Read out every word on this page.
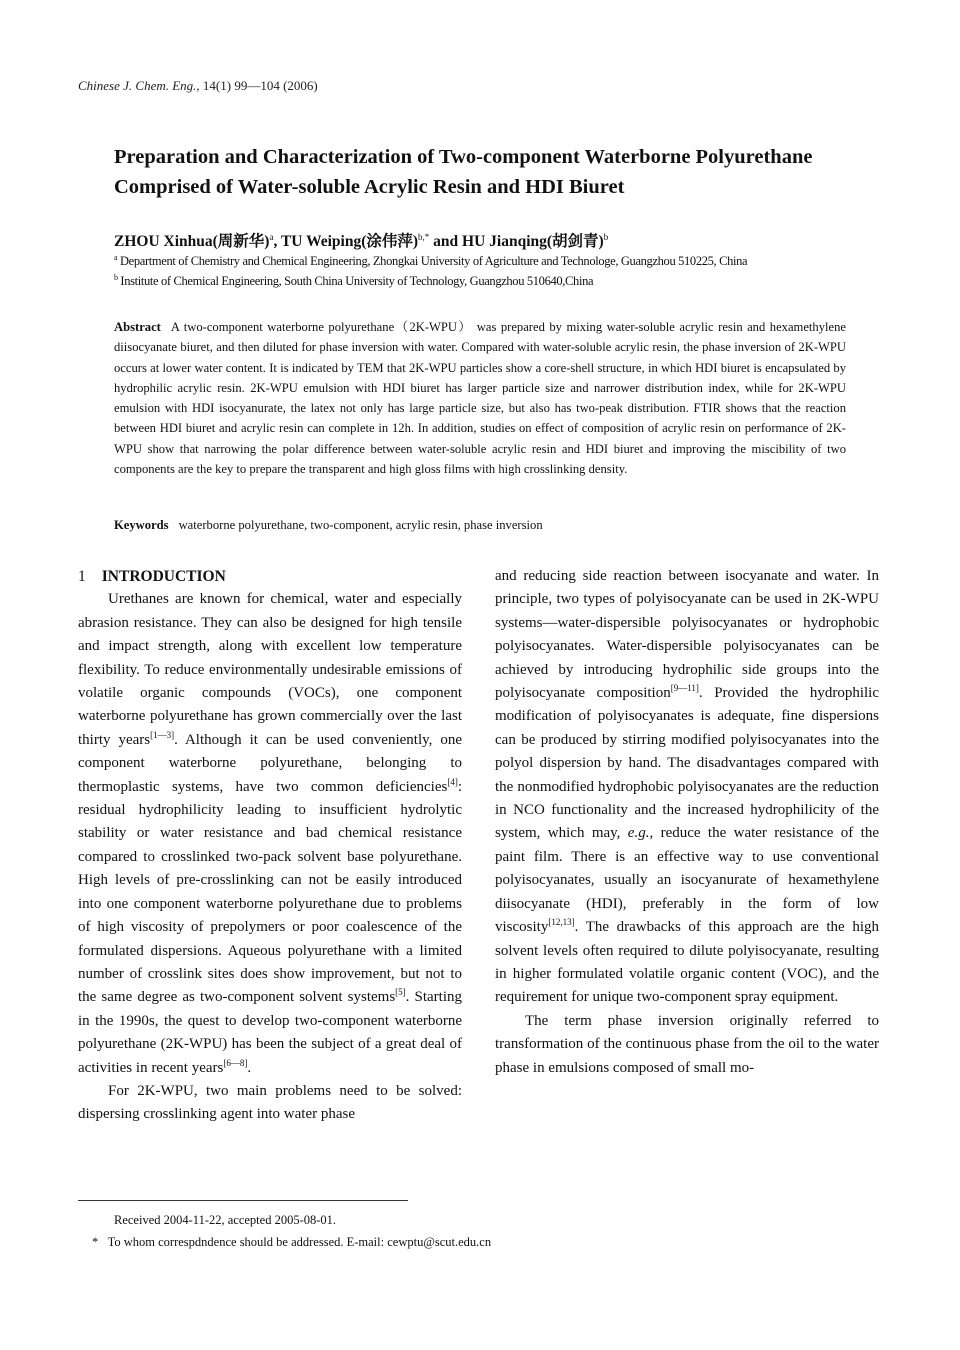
Chinese J. Chem. Eng., 14(1) 99—104 (2006)
Preparation and Characterization of Two-component Waterborne Polyurethane Comprised of Water-soluble Acrylic Resin and HDI Biuret
ZHOU Xinhua(周新华)$^a$, TU Weiping(涂伟萍)$^{b,*}$ and HU Jianqing(胡剑青)$^b$
$^a$ Department of Chemistry and Chemical Engineering, Zhongkai University of Agriculture and Technologe, Guangzhou 510225, China
$^b$ Institute of Chemical Engineering, South China University of Technology, Guangzhou 510640,China

Abstract A two-component waterborne polyurethane（2K-WPU） was prepared by mixing water-soluble acrylic resin and hexamethylene diisocyanate biuret, and then diluted for phase inversion with water. Compared with water-soluble acrylic resin, the phase inversion of 2K-WPU occurs at lower water content. It is indicated by TEM that 2K-WPU particles show a core-shell structure, in which HDI biuret is encapsulated by hydrophilic acrylic resin. 2K-WPU emulsion with HDI biuret has larger particle size and narrower distribution index, while for 2K-WPU emulsion with HDI isocyanurate, the latex not only has large particle size, but also has two-peak distribution. FTIR shows that the reaction between HDI biuret and acrylic resin can complete in 12h. In addition, studies on effect of composition of acrylic resin on performance of 2K-WPU show that narrowing the polar difference between water-soluble acrylic resin and HDI biuret and improving the miscibility of two components are the key to prepare the transparent and high gloss films with high crosslinking density.

Keywords waterborne polyurethane, two-component, acrylic resin, phase inversion
1 INTRODUCTION

Urethanes are known for chemical, water and especially abrasion resistance. They can also be designed for high tensile and impact strength, along with excellent low temperature flexibility. To reduce environmentally undesirable emissions of volatile organic compounds (VOCs), one component waterborne polyurethane has grown commercially over the last thirty years[1—3]. Although it can be used conveniently, one component waterborne polyurethane, belonging to thermoplastic systems, have two common deficiencies[4]: residual hydrophilicity leading to insufficient hydrolytic stability or water resistance and bad chemical resistance compared to crosslinked two-pack solvent base polyurethane. High levels of pre-crosslinking can not be easily introduced into one component waterborne polyurethane due to problems of high viscosity of prepolymers or poor coalescence of the formulated dispersions. Aqueous polyurethane with a limited number of crosslink sites does show improvement, but not to the same degree as two-component solvent systems[5]. Starting in the 1990s, the quest to develop two-component waterborne polyurethane (2K-WPU) has been the subject of a great deal of activities in recent years[6—8].

For 2K-WPU, two main problems need to be solved: dispersing crosslinking agent into water phase

and reducing side reaction between isocyanate and water. In principle, two types of polyisocyanate can be used in 2K-WPU systems—water-dispersible polyisocyanates or hydrophobic polyisocyanates. Water-dispersible polyisocyanates can be achieved by introducing hydrophilic side groups into the polyisocyanate composition[9—11]. Provided the hydrophilic modification of polyisocyanates is adequate, fine dispersions can be produced by stirring modified polyisocyanates into the polyol dispersion by hand. The disadvantages compared with the nonmodified hydrophobic polyisocyanates are the reduction in NCO functionality and the increased hydrophilicity of the system, which may, e.g., reduce the water resistance of the paint film. There is an effective way to use conventional polyisocyanates, usually an isocyanurate of hexamethylene diisocyanate (HDI), preferably in the form of low viscosity[12,13]. The drawbacks of this approach are the high solvent levels often required to dilute polyisocyanate, resulting in higher formulated volatile organic content (VOC), and the requirement for unique two-component spray equipment.

The term phase inversion originally referred to transformation of the continuous phase from the oil to the water phase in emulsions composed of small mo-

Received 2004-11-22, accepted 2005-08-01.
* To whom correspdndence should be addressed. E-mail: cewptu@scut.edu.cn
